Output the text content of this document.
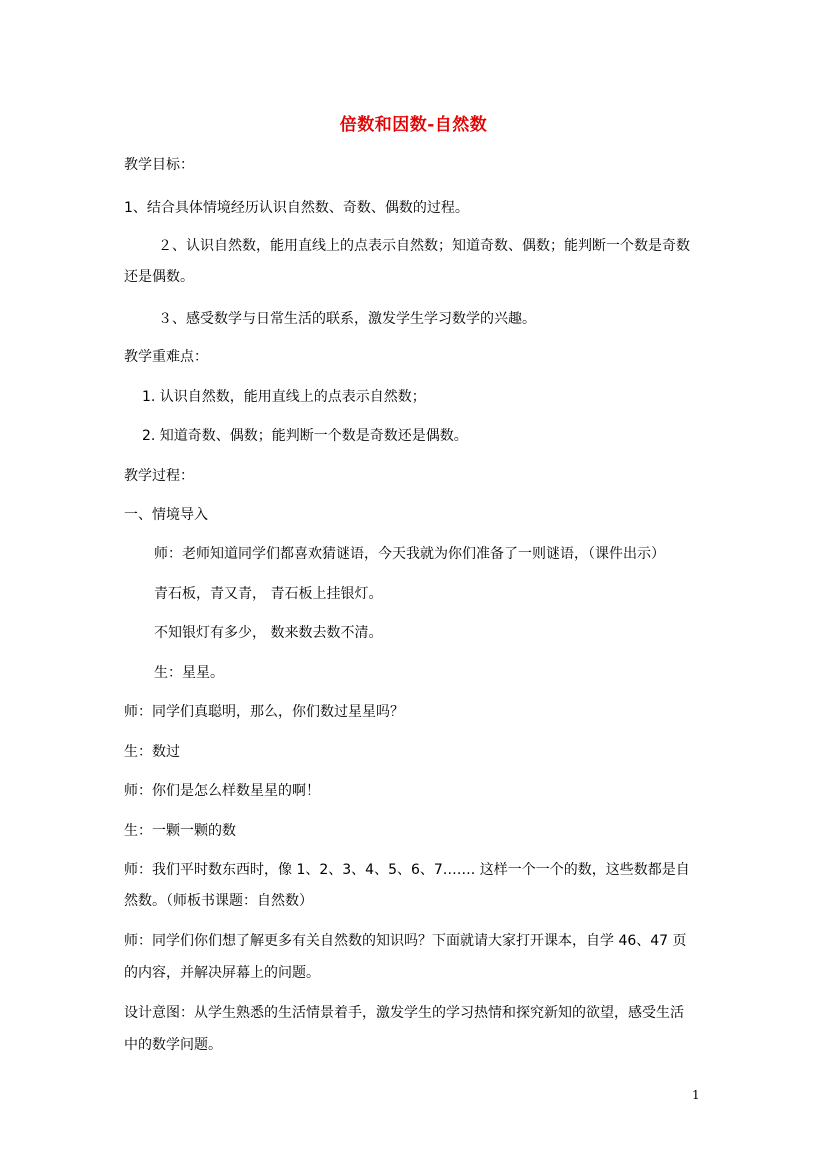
倍数和因数-自然数
教学目标：
1、结合具体情境经历认识自然数、奇数、偶数的过程。
２、认识自然数，能用直线上的点表示自然数；知道奇数、偶数；能判断一个数是奇数
还是偶数。
３、感受数学与日常生活的联系，激发学生学习数学的兴趣。
教学重难点：
1. 认识自然数，能用直线上的点表示自然数；
2. 知道奇数、偶数；能判断一个数是奇数还是偶数。
教学过程：
一、情境导入
师：老师知道同学们都喜欢猜谜语，今天我就为你们准备了一则谜语，（课件出示）
青石板，青又青， 青石板上挂银灯。
不知银灯有多少， 数来数去数不清。
生：星星。
师：同学们真聪明，那么，你们数过星星吗？
生：数过
师：你们是怎么样数星星的啊！
生：一颗一颗的数
师：我们平时数东西时，像 1、2、3、4、5、6、7……. 这样一个一个的数，这些数都是自
然数。（师板书课题：自然数）
师：同学们你们想了解更多有关自然数的知识吗？下面就请大家打开课本，自学 46、47 页
的内容，并解决屏幕上的问题。
设计意图：从学生熟悉的生活情景着手，激发学生的学习热情和探究新知的欲望，感受生活
中的数学问题。
1
